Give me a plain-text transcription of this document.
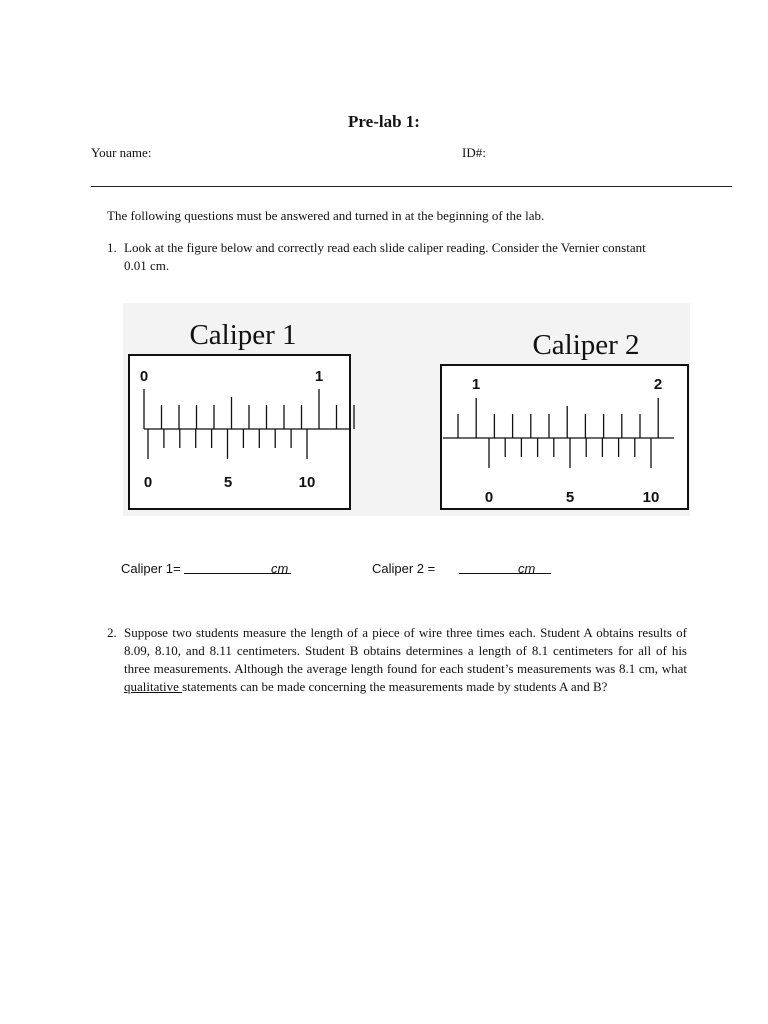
Pre-lab 1:
Your name:	ID#:
The following questions must be answered and turned in at the beginning of the lab.
1. Look at the figure below and correctly read each slide caliper reading. Consider the Vernier constant 0.01 cm.
Caliper 1
0	1
0	5	10
Caliper 2
1	2
0	5	10
Caliper 1=	cm	Caliper 2 =	cm
2. Suppose two students measure the length of a piece of wire three times each. Student A obtains results of 8.09, 8.10, and 8.11 centimeters. Student B obtains determines a length of 8.1 centimeters for all of his three measurements. Although the average length found for each student’s measurements was 8.1 cm, what qualitative statements can be made concerning the measurements made by students A and B?
